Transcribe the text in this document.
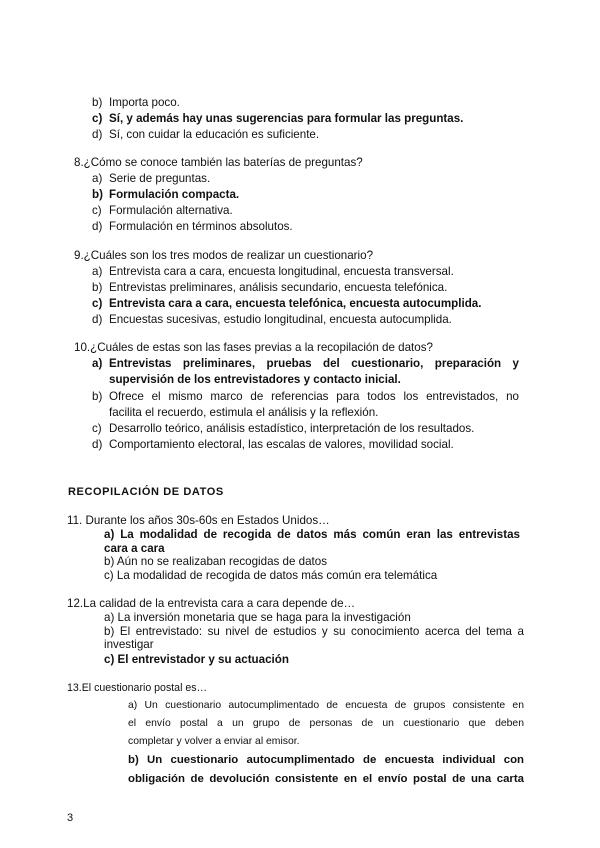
b) Importa poco.
c) Sí, y además hay unas sugerencias para formular las preguntas.
d) Sí, con cuidar la educación es suficiente.
8.¿Cómo se conoce también las baterías de preguntas?
a) Serie de preguntas.
b) Formulación compacta.
c) Formulación alternativa.
d) Formulación en términos absolutos.
9.¿Cuáles son los tres modos de realizar un cuestionario?
a) Entrevista cara a cara, encuesta longitudinal, encuesta transversal.
b) Entrevistas preliminares, análisis secundario, encuesta telefónica.
c) Entrevista cara a cara, encuesta telefónica, encuesta autocumplida.
d) Encuestas sucesivas, estudio longitudinal, encuesta autocumplida.
10.¿Cuáles de estas son las fases previas a la recopilación de datos?
a) Entrevistas preliminares, pruebas del cuestionario, preparación y
supervisión de los entrevistadores y contacto inicial.
b) Ofrece el mismo marco de referencias para todos los entrevistados, no
facilita el recuerdo, estimula el análisis y la reflexión.
c) Desarrollo teórico, análisis estadístico, interpretación de los resultados.
d) Comportamiento electoral, las escalas de valores, movilidad social.
RECOPILACIÓN DE DATOS
11. Durante los años 30s-60s en Estados Unidos…
a) La modalidad de recogida de datos más común eran las entrevistas
cara a cara
b) Aún no se realizaban recogidas de datos
c) La modalidad de recogida de datos más común era telemática
12.La calidad de la entrevista cara a cara depende de…
a) La inversión monetaria que se haga para la investigación
b) El entrevistado: su nivel de estudios y su conocimiento acerca del tema a
investigar
c) El entrevistador y su actuación
13.El cuestionario postal es…
a) Un cuestionario autocumplimentado de encuesta de grupos consistente en
el envío postal a un grupo de personas de un cuestionario que deben
completar y volver a enviar al emisor.
b) Un cuestionario autocumplimentado de encuesta individual con
obligación de devolución consistente en el envío postal de una carta
3
